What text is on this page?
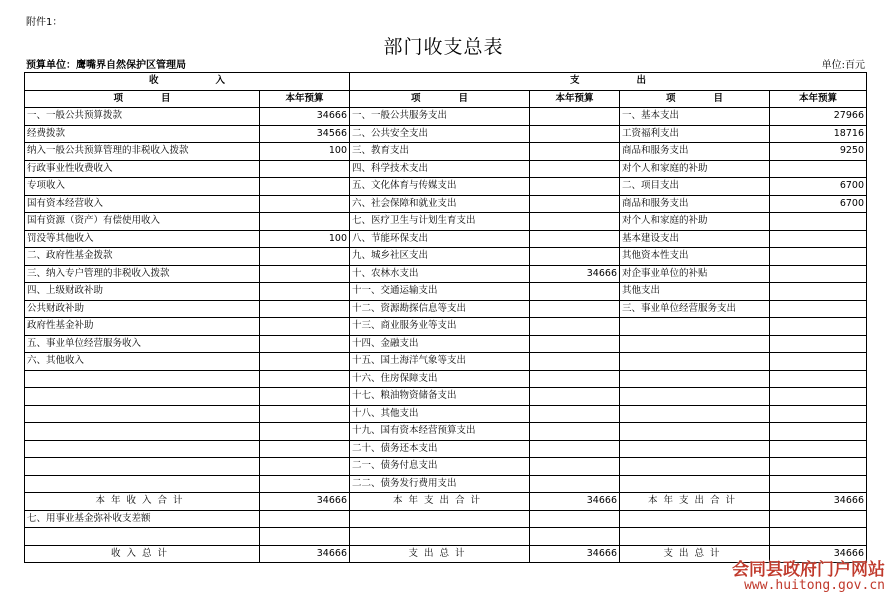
附件1：
部门收支总表
预算单位：鹰嘴界自然保护区管理局	单位:百元
收　　　　　　入		支　　　　　　出			
项　　　　目	本年预算	项　　　　目	本年预算	项　　　　目	本年预算
一、一般公共预算拨款	34666	一、一般公共服务支出		一、基本支出	27966
经费拨款	34566	二、公共安全支出		工资福利支出	18716
纳入一般公共预算管理的非税收入拨款	100	三、教育支出		商品和服务支出	9250
行政事业性收费收入		四、科学技术支出		对个人和家庭的补助	
专项收入		五、文化体育与传媒支出		二、项目支出	6700
国有资本经营收入		六、社会保障和就业支出		商品和服务支出	6700
国有资源（资产）有偿使用收入		七、医疗卫生与计划生育支出		对个人和家庭的补助	
罚没等其他收入	100	八、节能环保支出		基本建设支出	
二、政府性基金拨款		九、城乡社区支出		其他资本性支出	
三、纳入专户管理的非税收入拨款		十、农林水支出	34666	对企事业单位的补贴	
四、上级财政补助		十一、交通运输支出		其他支出	
公共财政补助		十二、资源勘探信息等支出		三、事业单位经营服务支出	
政府性基金补助		十三、商业服务业等支出			
五、事业单位经营服务收入		十四、金融支出			
六、其他收入		十五、国土海洋气象等支出			
		十六、住房保障支出			
		十七、粮油物资储备支出			
		十八、其他支出			
		十九、国有资本经营预算支出			
		二十、债务还本支出			
		二一、债务付息支出			
		二二、债务发行费用支出			
本年收入合计	34666	本年支出合计	34666	本年支出合计	34666
七、用事业基金弥补收支差额					

收入总计	34666	支出总计	34666	支出总计	34666
会同县政府门户网站
www.huitong.gov.cn
